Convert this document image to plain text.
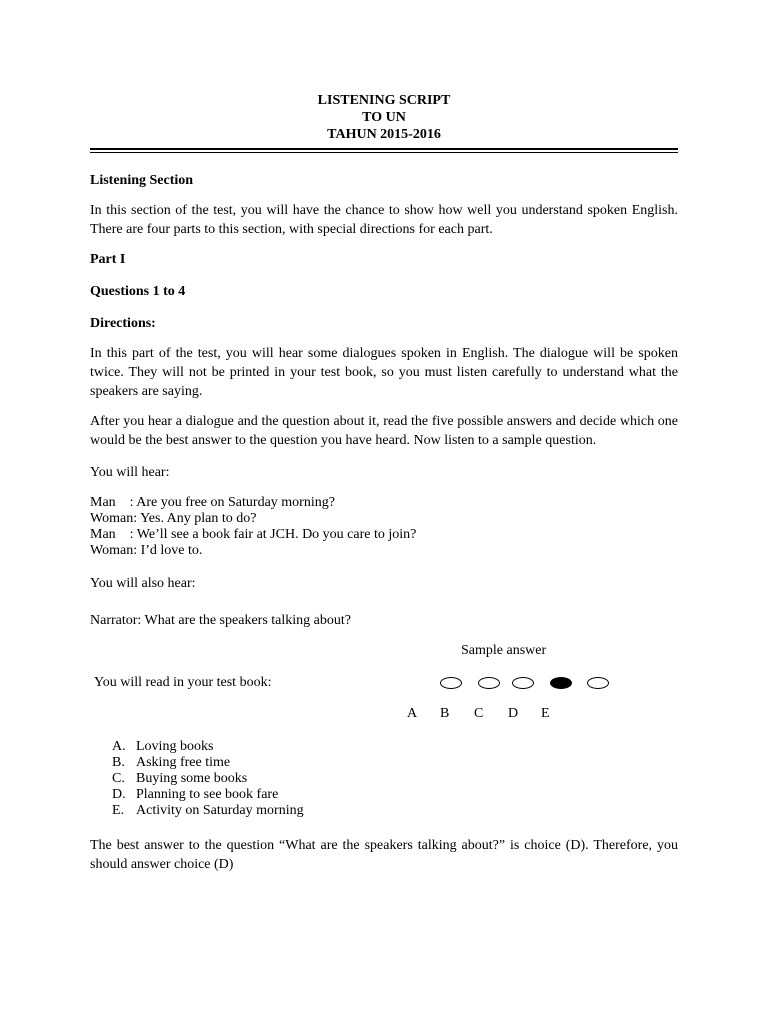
LISTENING SCRIPT
TO UN
TAHUN 2015-2016

Listening Section

In this section of the test, you will have the chance to show how well you understand spoken English. There are four parts to this section, with special directions for each part.

Part I

Questions 1 to 4

Directions:

In this part of the test, you will hear some dialogues spoken in English. The dialogue will be spoken twice. They will not be printed in your test book, so you must listen carefully to understand what the speakers are saying.

After you hear a dialogue and the question about it, read the five possible answers and decide which one would be the best answer to the question you have heard. Now listen to a sample question.

You will hear:

Man    : Are you free on Saturday morning?
Woman: Yes. Any plan to do?
Man    : We’ll see a book fair at JCH. Do you care to join?
Woman: I’d love to.

You will also hear:

Narrator: What are the speakers talking about?

Sample answer
You will read in your test book:
A B C D E
A. Loving books
B. Asking free time
C. Buying some books
D. Planning to see book fare
E. Activity on Saturday morning

The best answer to the question “What are the speakers talking about?” is choice (D). Therefore, you should answer choice (D)
